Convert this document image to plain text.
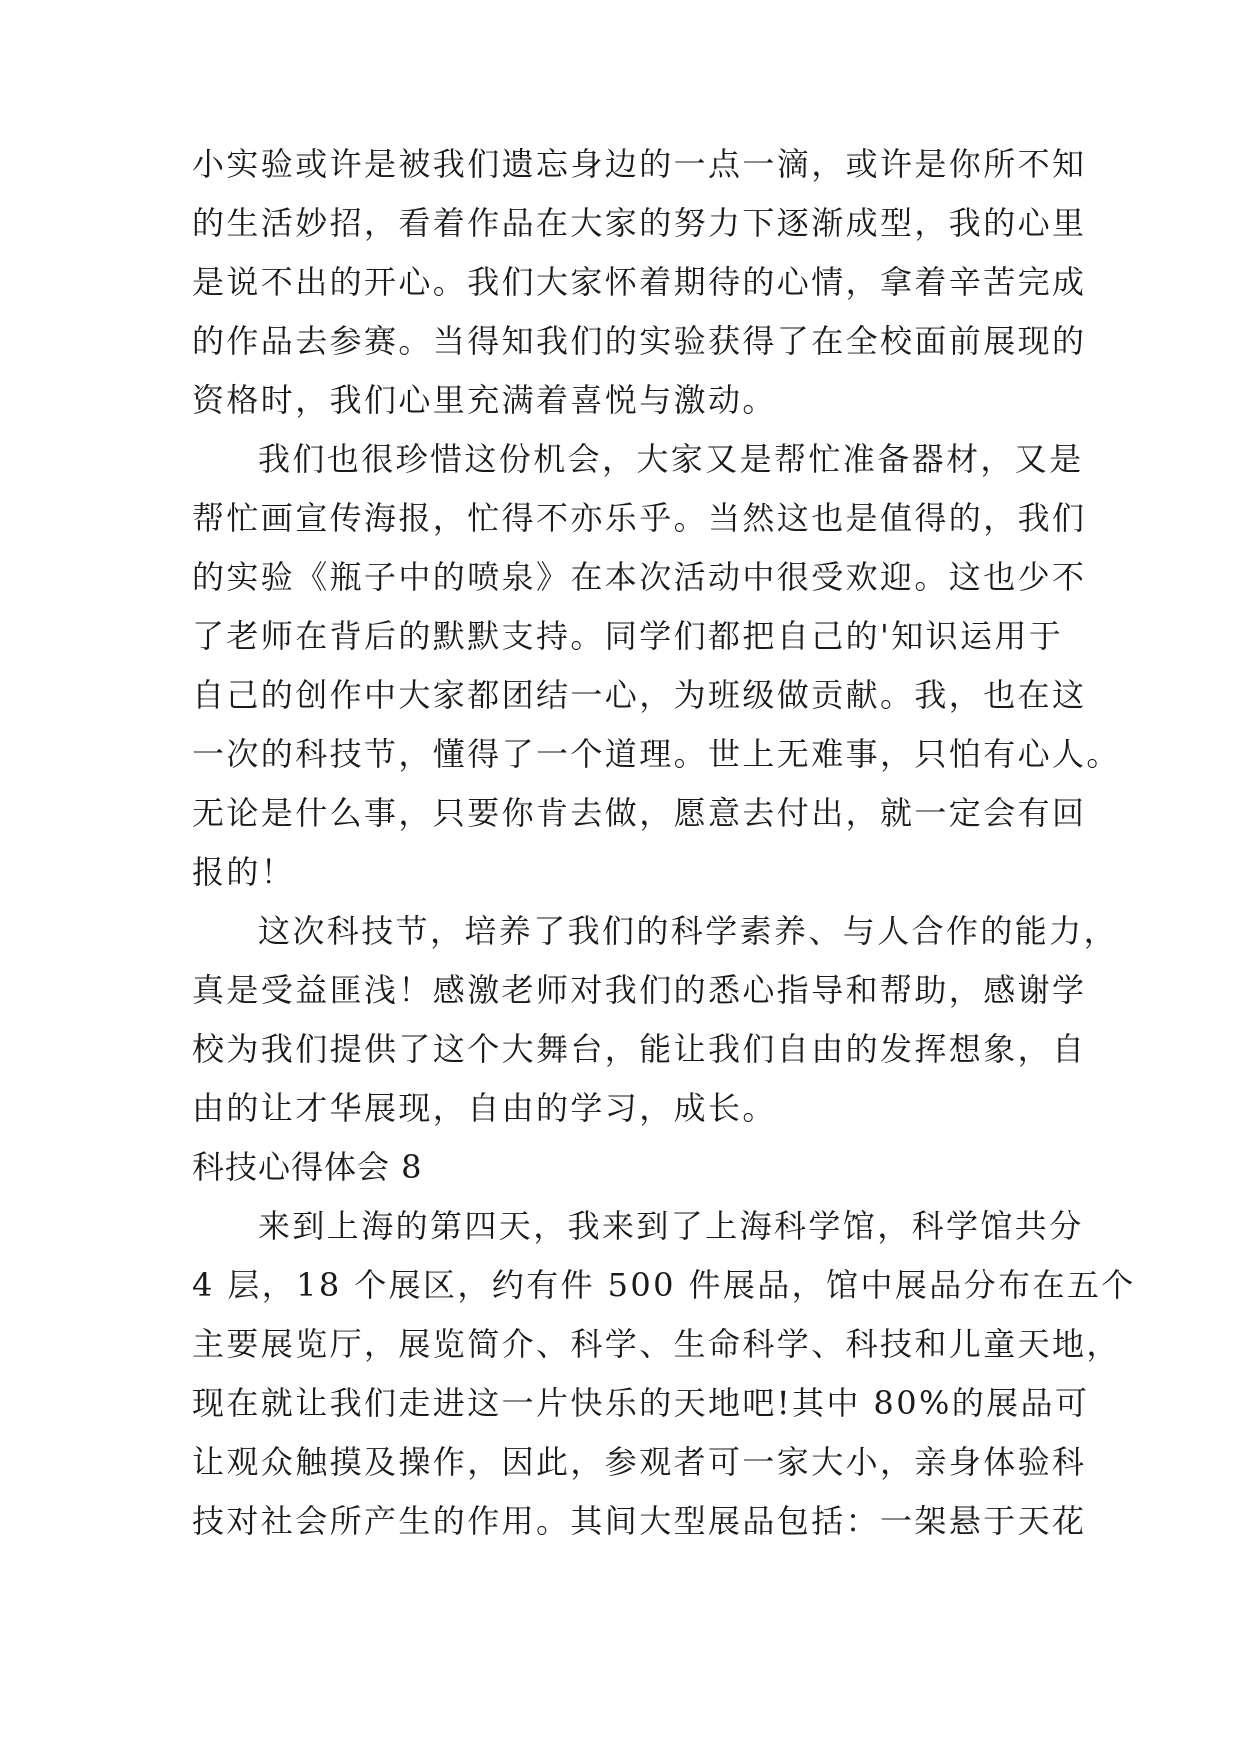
小实验或许是被我们遗忘身边的一点一滴，或许是你所不知
的生活妙招，看着作品在大家的努力下逐渐成型，我的心里
是说不出的开心。我们大家怀着期待的心情，拿着辛苦完成
的作品去参赛。当得知我们的实验获得了在全校面前展现的
资格时，我们心里充满着喜悦与激动。
我们也很珍惜这份机会，大家又是帮忙准备器材，又是
帮忙画宣传海报，忙得不亦乐乎。当然这也是值得的，我们
的实验《瓶子中的喷泉》在本次活动中很受欢迎。这也少不
了老师在背后的默默支持。同学们都把自己的'知识运用于
自己的创作中大家都团结一心，为班级做贡献。我，也在这
一次的科技节，懂得了一个道理。世上无难事，只怕有心人。
无论是什么事，只要你肯去做，愿意去付出，就一定会有回
报的！
这次科技节，培养了我们的科学素养、与人合作的能力，
真是受益匪浅！感激老师对我们的悉心指导和帮助，感谢学
校为我们提供了这个大舞台，能让我们自由的发挥想象，自
由的让才华展现，自由的学习，成长。
科技心得体会 8
来到上海的第四天，我来到了上海科学馆，科学馆共分
4 层，18 个展区，约有件 500 件展品，馆中展品分布在五个
主要展览厅，展览简介、科学、生命科学、科技和儿童天地，
现在就让我们走进这一片快乐的天地吧!其中 80%的展品可
让观众触摸及操作，因此，参观者可一家大小，亲身体验科
技对社会所产生的作用。其间大型展品包括：一架悬于天花
